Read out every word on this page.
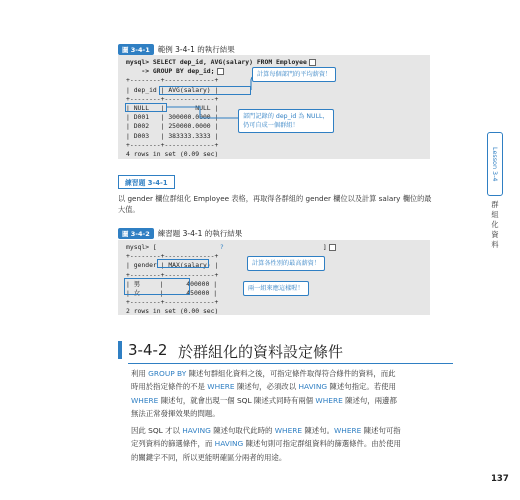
圖 3-4-1	範例 3-4-1 的執行結果
mysql> SELECT dep_id, AVG(salary) FROM Employee
-> GROUP BY dep_id;
+--------+-------------+
| dep_id | AVG(salary) |
+--------+-------------+
| NULL   |        NULL |
| D001   | 300000.0000 |
| D002   | 250000.0000 |
| D003   | 383333.3333 |
+--------+-------------+
4 rows in set (0.09 sec)
計算每個部門的平均薪資！
部門記錄的 dep_id 為 NULL，
仍可自成一個群組！
練習題 3-4-1
以 gender 欄位群組化 Employee 表格，再取得各群組的 gender 欄位以及計算 salary 欄位的最
大值。
圖 3-4-2	練習題 3-4-1 的執行結果
mysql> [	?	]
+--------+-------------+
| gender | MAX(salary) |
+--------+-------------+
| 男     |      400000 |
| 女     |      450000 |
+--------+-------------+
2 rows in set (0.00 sec)
計算各性別的最高薪資！
兩一組來應這樣喔！
3-4-2 於群組化的資料設定條件
利用 GROUP BY 陳述句群組化資料之後，可指定條件取得符合條件的資料，而此
時用於指定條件的不是 WHERE 陳述句，必須改以 HAVING 陳述句指定。若使用
WHERE 陳述句，就會出現一個 SQL 陳述式同時有兩個 WHERE 陳述句，兩邊都
無法正常發揮效果的問題。
因此 SQL 才以 HAVING 陳述句取代此時的 WHERE 陳述句。WHERE 陳述句可指
定列資料的篩選條件，而 HAVING 陳述句則可指定群組資料的篩選條件。由於使用
的關鍵字不同，所以更能明確區分兩者的用途。
Lesson 3-4
群組化資料
137
